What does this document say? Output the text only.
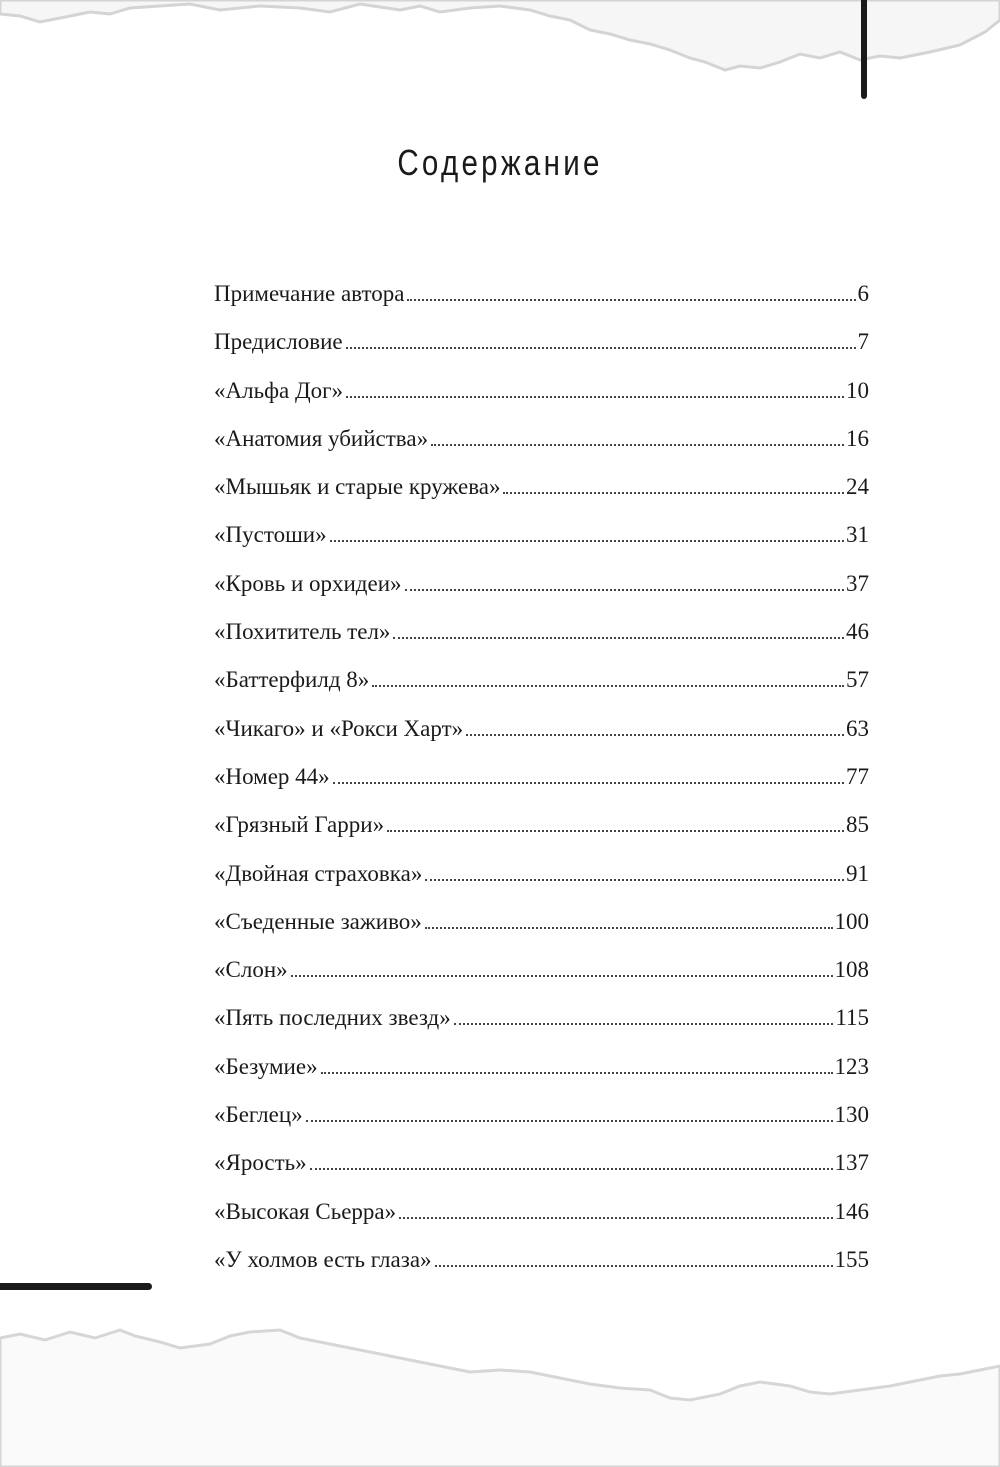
Содержание
Примечание автора	6
Предисловие	7
«Альфа Дог»	10
«Анатомия убийства»	16
«Мышьяк и старые кружева»	24
«Пустоши»	31
«Кровь и орхидеи»	37
«Похититель тел»	46
«Баттерфилд 8»	57
«Чикаго» и «Рокси Харт»	63
«Номер 44»	77
«Грязный Гарри»	85
«Двойная страховка»	91
«Съеденные заживо»	100
«Слон»	108
«Пять последних звезд»	115
«Безумие»	123
«Беглец»	130
«Ярость»	137
«Высокая Сьерра»	146
«У холмов есть глаза»	155
